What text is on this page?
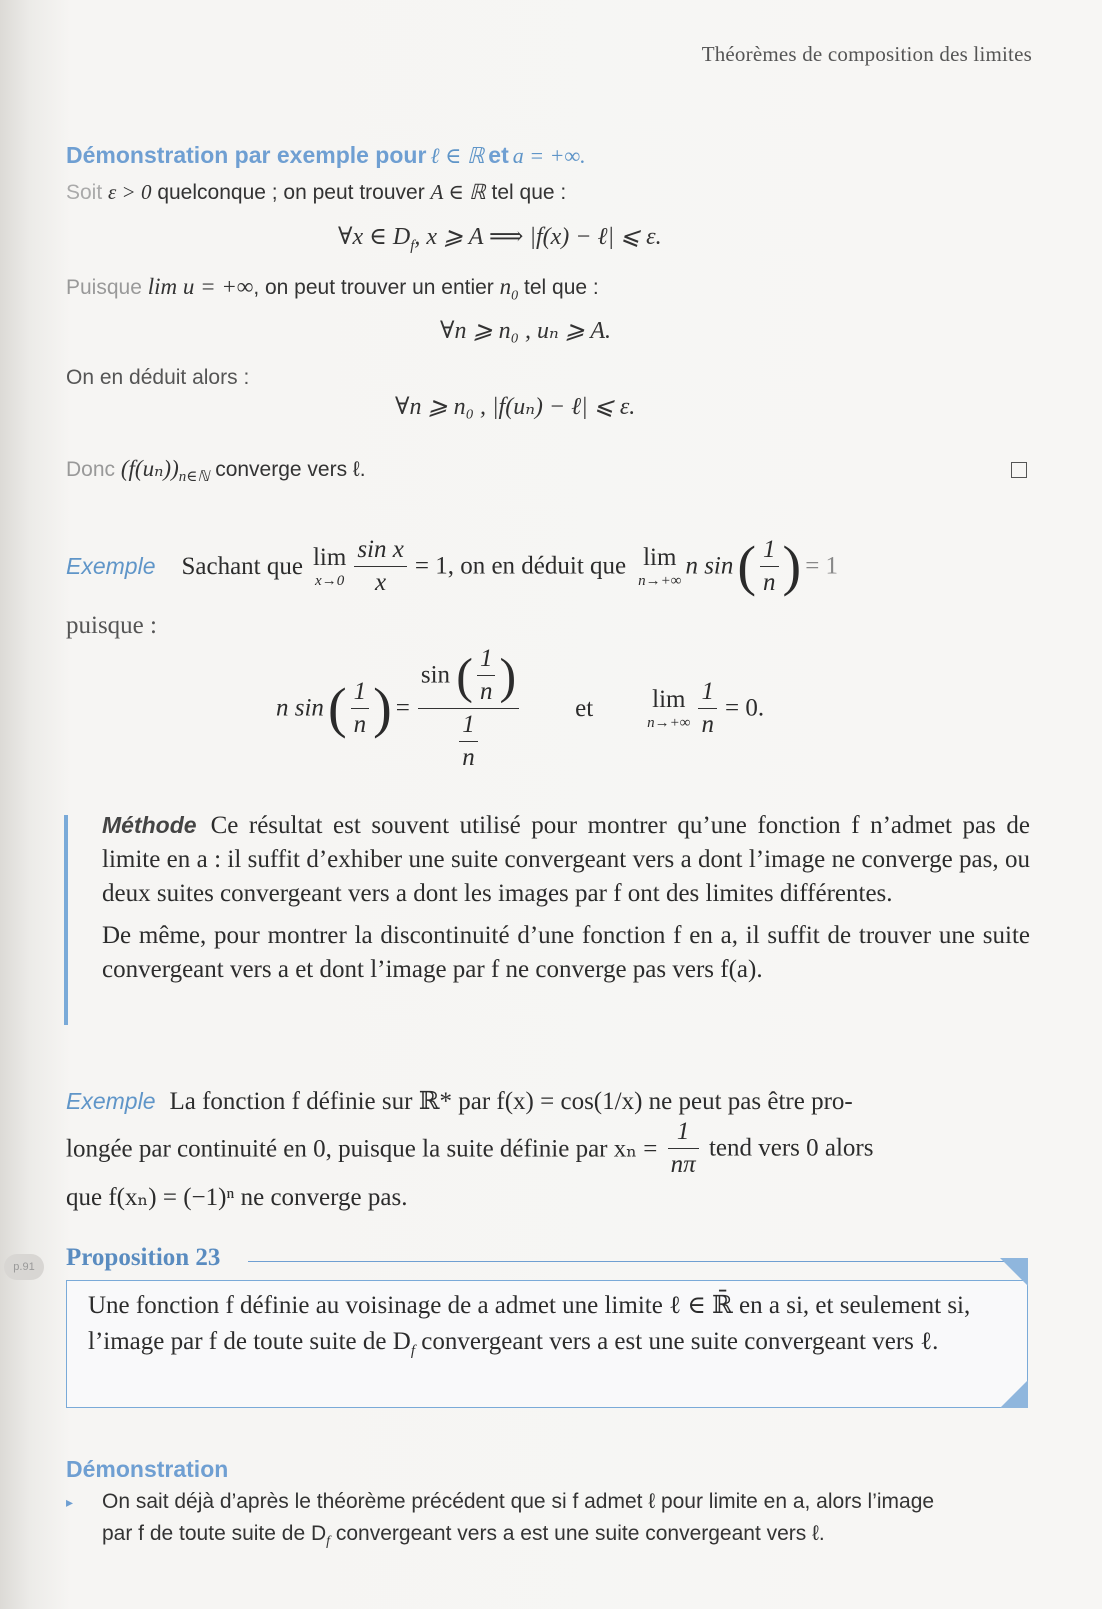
Théorèmes de composition des limites
Démonstration par exemple pour ℓ ∈ ℝ et a = +∞.
Soit ε > 0 quelconque ; on peut trouver A ∈ ℝ tel que :
∀x ∈ $D_f$, x ⩾ A ⟹ |f(x) − ℓ| ⩽ ε.
Puisque lim u = +∞, on peut trouver un entier $n_0$ tel que :
∀n ⩾ n₀ , uₙ ⩾ A.
On en déduit alors :
∀n ⩾ n₀ , |f(uₙ) − ℓ| ⩽ ε.
Donc $(f(u_n))_{n\in ℕ}$ converge vers ℓ.
Exemple Sachant que lim
x→0
$\frac{\text{sin x}}{x} = 1$, on en déduit que lim
n→+∞
n sin ( $\frac{1}{n}$ ) = 1
puisque :
n sin ( $\frac{1}{n}$ ) = $\frac{\sin ( \frac{1}{n} )}{\frac{1}{n}}$ et lim
n→+∞
$\frac{1}{n} = 0$.
Méthode Ce résultat est souvent utilisé pour montrer qu’une fonction f n’admet pas de limite en a : il suffit d’exhiber une suite convergeant vers a dont l’image ne converge pas, ou deux suites convergeant vers a dont les images par f ont des limites différentes.
De même, pour montrer la discontinuité d’une fonction f en a, il suffit de trouver une suite convergeant vers a et dont l’image par f ne converge pas vers f(a).
Exemple La fonction f définie sur ℝ* par f(x) = cos(1/x) ne peut pas être pro-
longée par continuité en 0, puisque la suite définie par $x_n = \frac{1}{n\pi}$ tend vers 0 alors
que f(xₙ) = (−1)ⁿ ne converge pas.
p.91	Proposition 23
Une fonction f définie au voisinage de a admet une limite ℓ ∈ ℝ̄ en a si, et seulement si, l’image par f de toute suite de $D_f$ convergeant vers a est une suite convergeant vers ℓ.
Démonstration
▸ On sait déjà d’après le théorème précédent que si f admet ℓ pour limite en a, alors l’image
par f de toute suite de $D_f$ convergeant vers a est une suite convergeant vers ℓ.
